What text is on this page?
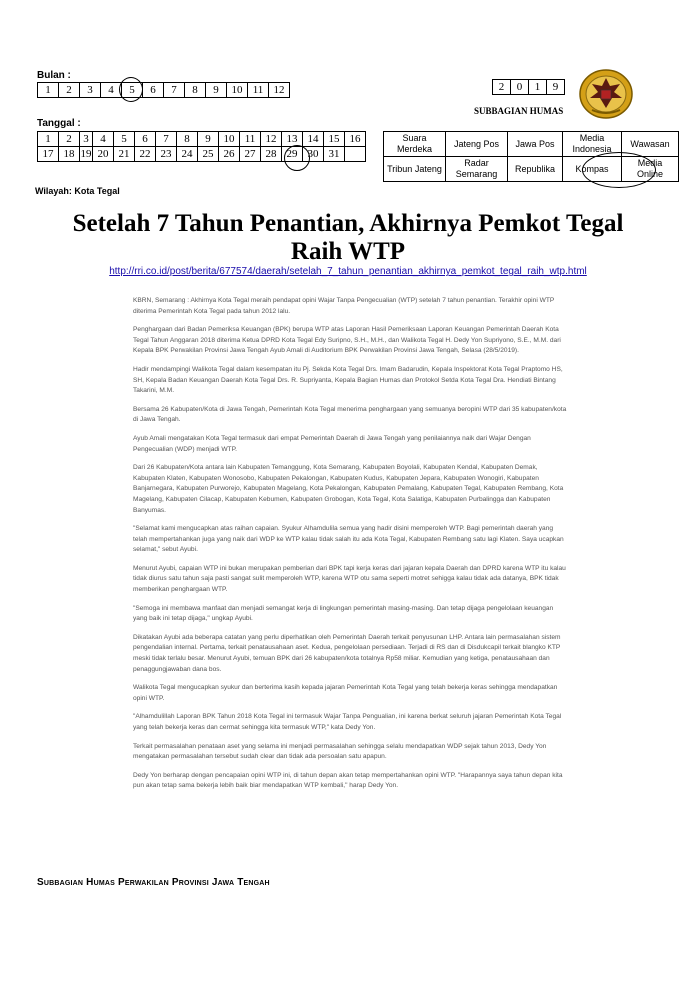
Bulan :
1	2	3	4	5	6	7	8	9	10	11	12
Tanggal :
1	2	3	4	5	6	7	8	9	10	11	12	13	14	15	16
17	18	19	20	21	22	23	24	25	26	27	28	29	30	31	
2	0	1	9
SUBBAGIAN HUMAS
Suara Merdeka	Jateng Pos	Jawa Pos	Media Indonesia	Wawasan
Tribun Jateng	Radar Semarang	Republika	Kompas	Media Online
Wilayah: Kota Tegal
Setelah 7 Tahun Penantian, Akhirnya Pemkot Tegal Raih WTP
http://rri.co.id/post/berita/677574/daerah/setelah_7_tahun_penantian_akhirnya_pemkot_tegal_raih_wtp.html

KBRN, Semarang : Akhirnya Kota Tegal meraih pendapat opini Wajar Tanpa Pengecualian (WTP) setelah 7 tahun penantian. Terakhir opini WTP diterima Pemerintah Kota Tegal pada tahun 2012 lalu.

Penghargaan dari Badan Pemeriksa Keuangan (BPK) berupa WTP atas Laporan Hasil Pemeriksaan Laporan Keuangan Pemerintah Daerah Kota Tegal Tahun Anggaran 2018 diterima Ketua DPRD Kota Tegal Edy Suripno, S.H., M.H., dan Walikota Tegal H. Dedy Yon Supriyono, S.E., M.M. dari Kepala BPK Perwakilan Provinsi Jawa Tengah Ayub Amali di Auditorium BPK Perwakilan Provinsi Jawa Tengah, Selasa (28/5/2019).

Hadir mendampingi Walikota Tegal dalam kesempatan itu Pj. Sekda Kota Tegal Drs. Imam Badarudin, Kepala Inspektorat Kota Tegal Praptomo HS, SH, Kepala Badan Keuangan Daerah Kota Tegal Drs. R. Supriyanta, Kepala Bagian Humas dan Protokol Setda Kota Tegal Dra. Hendiati Bintang Takarini, M.M.

Bersama 26 Kabupaten/Kota di Jawa Tengah, Pemerintah Kota Tegal menerima penghargaan yang semuanya beropini WTP dari 35 kabupaten/kota di Jawa Tengah.

Ayub Amali mengatakan Kota Tegal termasuk dari empat Pemerintah Daerah di Jawa Tengah yang penilaiannya naik dari Wajar Dengan Pengecualian (WDP) menjadi WTP.

Dari 26 Kabupaten/Kota antara lain Kabupaten Temanggung, Kota Semarang, Kabupaten Boyolali, Kabupaten Kendal, Kabupaten Demak, Kabupaten Klaten, Kabupaten Wonosobo, Kabupaten Pekalongan, Kabupaten Kudus, Kabupaten Jepara, Kabupaten Wonogiri, Kabupaten Banjarnegara, Kabupaten Purworejo, Kabupaten Magelang, Kota Pekalongan, Kabupaten Pemalang, Kabupaten Tegal, Kabupaten Rembang, Kota Magelang, Kabupaten Cilacap, Kabupaten Kebumen, Kabupaten Grobogan, Kota Tegal, Kota Salatiga, Kabupaten Purbalingga dan Kabupaten Banyumas.

"Selamat kami mengucapkan atas raihan capaian. Syukur Alhamdulila semua yang hadir disini memperoleh WTP. Bagi pemerintah daerah yang telah mempertahankan juga yang naik dari WDP ke WTP kalau tidak salah itu ada Kota Tegal, Kabupaten Rembang satu lagi Klaten. Saya ucapkan selamat," sebut Ayubi.

Menurut Ayubi, capaian WTP ini bukan merupakan pemberian dari BPK tapi kerja keras dari jajaran kepala Daerah dan DPRD karena WTP itu kalau tidak diurus satu tahun saja pasti sangat sulit memperoleh WTP, karena WTP otu sama seperti motret sehigga kalau tidak ada datanya, BPK tidak memberikan penghargaan WTP.

"Semoga ini membawa manfaat dan menjadi semangat kerja di lingkungan pemerintah masing-masing. Dan tetap dijaga pengelolaan keuangan yang baik ini tetap dijaga," ungkap Ayubi.

Dikatakan Ayubi ada beberapa catatan yang perlu diperhatikan oleh Pemerintah Daerah terkait penyusunan LHP. Antara lain permasalahan sistem pengendalian internal. Pertama, terkait penatausahaan aset. Kedua, pengelolaan persediaan. Terjadi di RS dan di Disdukcapil terkait blangko KTP meski tidak terlalu besar. Menurut Ayubi, temuan BPK dari 26 kabupaten/kota totalnya Rp58 miliar. Kemudian yang ketiga, penatausahaan dan penaggungjawaban dana bos.

Walikota Tegal mengucapkan syukur dan berterima kasih kepada jajaran Pemerintah Kota Tegal yang telah bekerja keras sehingga mendapatkan opini WTP.

"Alhamdulillah Laporan BPK Tahun 2018 Kota Tegal ini termasuk Wajar Tanpa Pengualian, ini karena berkat seluruh jajaran Pemerintah Kota Tegal yang telah bekerja keras dan cermat sehingga kita termasuk WTP," kata Dedy Yon.

Terkait permasalahan penataan aset yang selama ini menjadi permasalahan sehingga selalu mendapatkan WDP sejak tahun 2013, Dedy Yon mengatakan permasalahan tersebut sudah clear dan tidak ada persoalan satu apapun.

Dedy Yon berharap dengan pencapaian opini WTP ini, di tahun depan akan tetap mempertahankan opini WTP. "Harapannya saya tahun depan kita pun akan tetap sama bekerja lebih baik biar mendapatkan WTP kembali," harap Dedy Yon.

Subbagian Humas Perwakilan Provinsi Jawa Tengah
